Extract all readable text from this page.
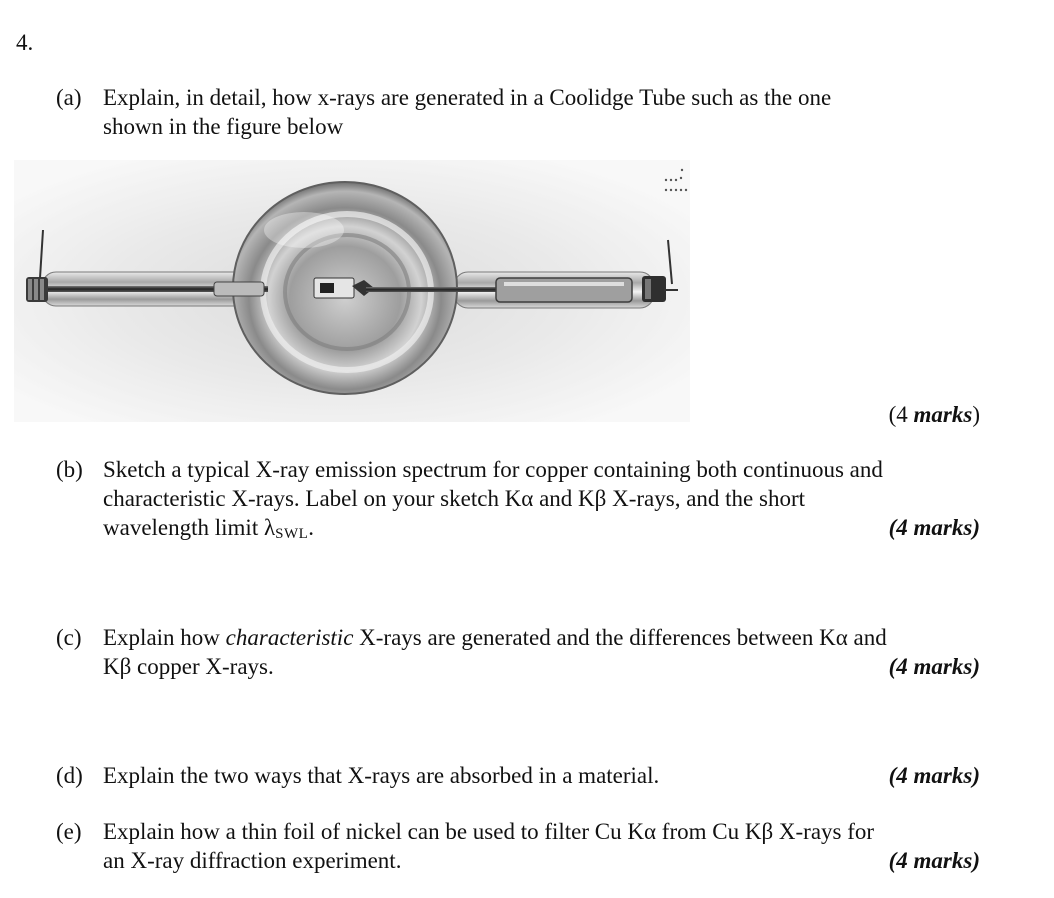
4.
(a) Explain, in detail, how x-rays are generated in a Coolidge Tube such as the one
shown in the figure below
(4 marks)
(b) Sketch a typical X-ray emission spectrum for copper containing both continuous and
characteristic X-rays. Label on your sketch Kα and Kβ X-rays, and the short
wavelength limit $\lambda_{SWL}$.	(4 marks)
(c) Explain how characteristic X-rays are generated and the differences between Kα and
Kβ copper X-rays.	(4 marks)
(d) Explain the two ways that X-rays are absorbed in a material.	(4 marks)
(e) Explain how a thin foil of nickel can be used to filter Cu Kα from Cu Kβ X-rays for
an X-ray diffraction experiment.	(4 marks)
